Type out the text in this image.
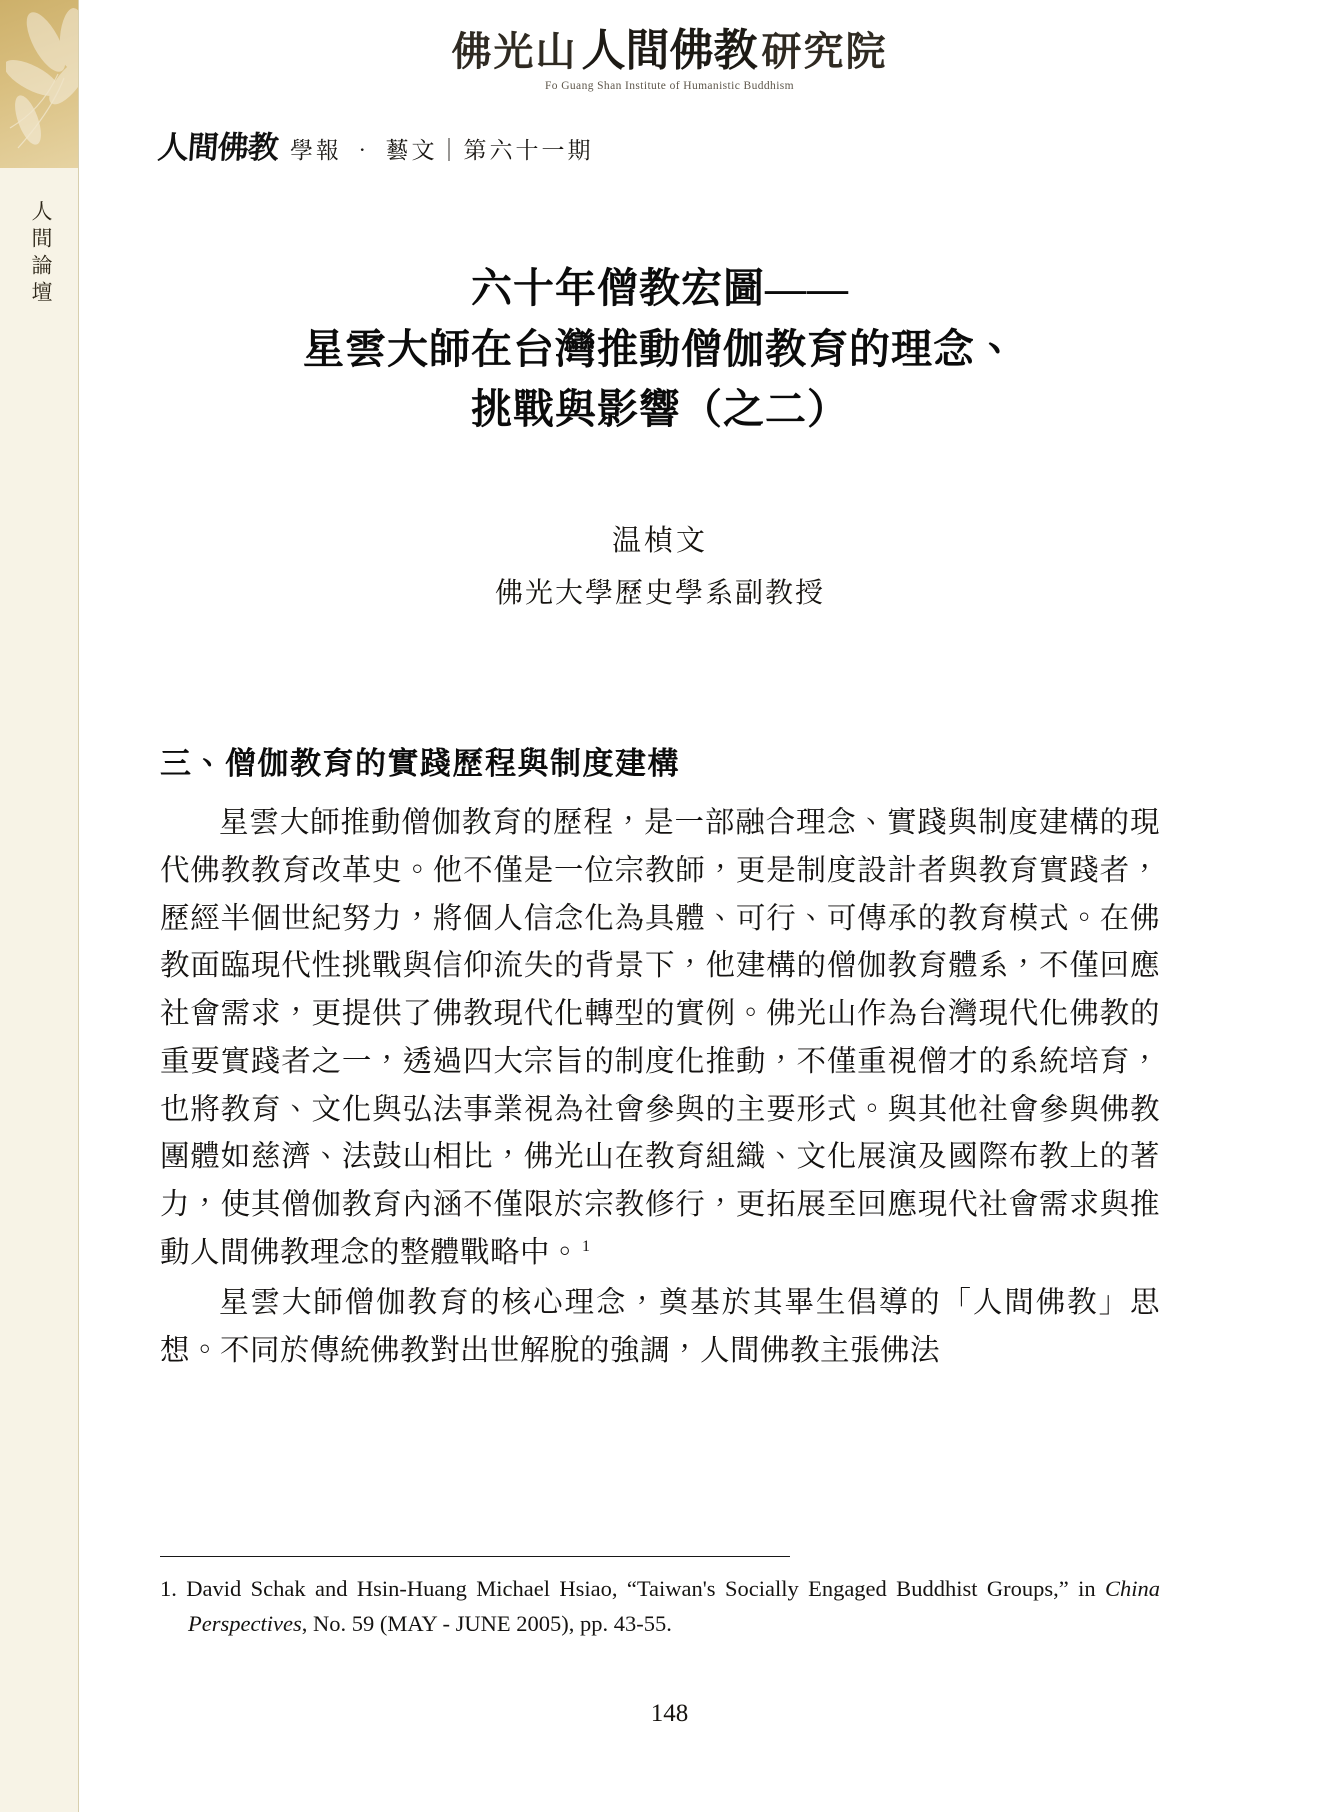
人間論壇
佛光山人間佛教 研究院
Fo Guang Shan Institute of Humanistic Buddhism
人間佛教 學報 ‧ 藝文｜第六十一期
六十年僧教宏圖——
星雲大師在台灣推動僧伽教育的理念、
挑戰與影響（之二）
温楨文
佛光大學歷史學系副教授
三、僧伽教育的實踐歷程與制度建構

星雲大師推動僧伽教育的歷程，是一部融合理念、實踐與制度建構的現代佛教教育改革史。他不僅是一位宗教師，更是制度設計者與教育實踐者，歷經半個世紀努力，將個人信念化為具體、可行、可傳承的教育模式。在佛教面臨現代性挑戰與信仰流失的背景下，他建構的僧伽教育體系，不僅回應社會需求，更提供了佛教現代化轉型的實例。佛光山作為台灣現代化佛教的重要實踐者之一，透過四大宗旨的制度化推動，不僅重視僧才的系統培育，也將教育、文化與弘法事業視為社會參與的主要形式。與其他社會參與佛教團體如慈濟、法鼓山相比，佛光山在教育組織、文化展演及國際布教上的著力，使其僧伽教育內涵不僅限於宗教修行，更拓展至回應現代社會需求與推動人間佛教理念的整體戰略中。 $^1$

星雲大師僧伽教育的核心理念，奠基於其畢生倡導的「人間佛教」思想。不同於傳統佛教對出世解脫的強調，人間佛教主張佛法

1. David Schak and Hsin-Huang Michael Hsiao, “Taiwan's Socially Engaged Buddhist Groups,” in China Perspectives, No. 59 (MAY - JUNE 2005), pp. 43-55.
148
